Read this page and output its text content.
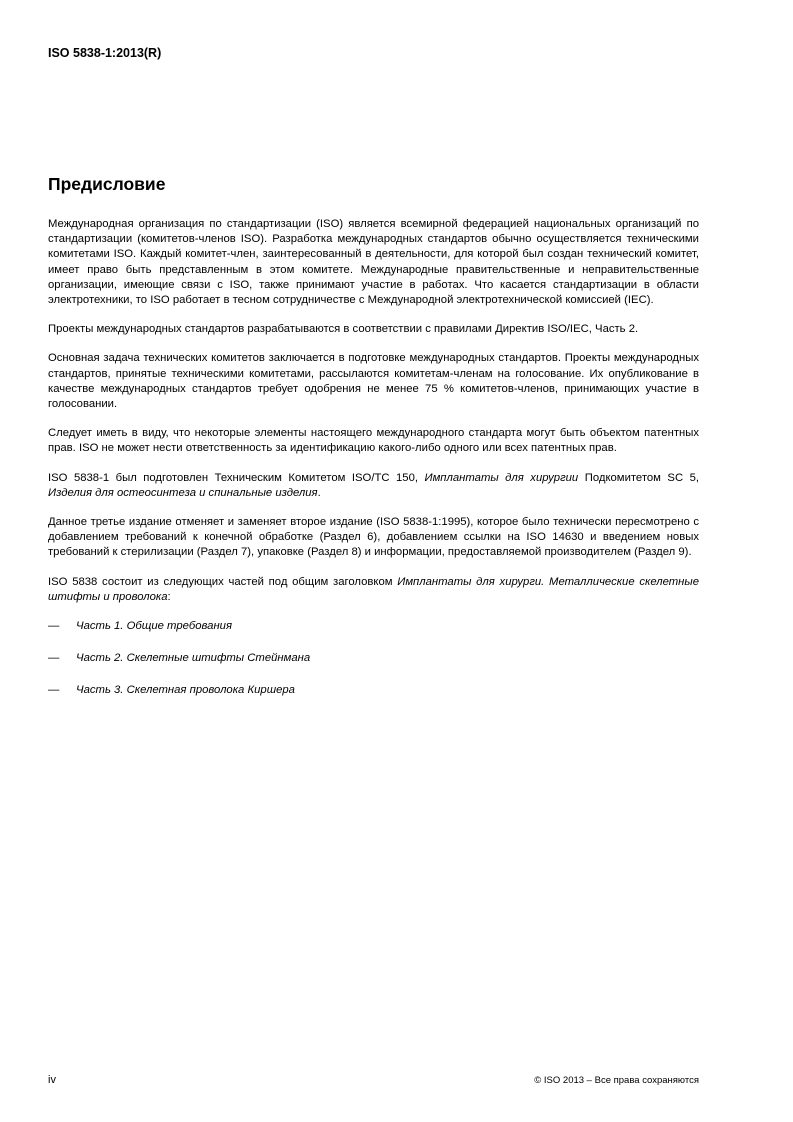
ISO 5838-1:2013(R)
Предисловие

Международная организация по стандартизации (ISO) является всемирной федерацией национальных организаций по стандартизации (комитетов-членов ISO). Разработка международных стандартов обычно осуществляется техническими комитетами ISO. Каждый комитет-член, заинтересованный в деятельности, для которой был создан технический комитет, имеет право быть представленным в этом комитете. Международные правительственные и неправительственные организации, имеющие связи с ISO, также принимают участие в работах. Что касается стандартизации в области электротехники, то ISO работает в тесном сотрудничестве с Международной электротехнической комиссией (IEC).

Проекты международных стандартов разрабатываются в соответствии с правилами Директив ISO/IEC, Часть 2.

Основная задача технических комитетов заключается в подготовке международных стандартов. Проекты международных стандартов, принятые техническими комитетами, рассылаются комитетам-членам на голосование. Их опубликование в качестве международных стандартов требует одобрения не менее 75 % комитетов-членов, принимающих участие в голосовании.

Следует иметь в виду, что некоторые элементы настоящего международного стандарта могут быть объектом патентных прав. ISO не может нести ответственность за идентификацию какого-либо одного или всех патентных прав.

ISO 5838-1 был подготовлен Техническим Комитетом ISO/TC 150, Имплантаты для хирургии Подкомитетом SC 5, Изделия для остеосинтеза и спинальные изделия.

Данное третье издание отменяет и заменяет второе издание (ISO 5838-1:1995), которое было технически пересмотрено с добавлением требований к конечной обработке (Раздел 6), добавлением ссылки на ISO 14630 и введением новых требований к стерилизации (Раздел 7), упаковке (Раздел 8) и информации, предоставляемой производителем (Раздел 9).

ISO 5838 состоит из следующих частей под общим заголовком Имплантаты для хирурги. Металлические скелетные штифты и проволока:

—	Часть 1. Общие требования
—	Часть 2. Скелетные штифты Стейнмана
—	Часть 3. Скелетная проволока Киршера
iv	© ISO 2013 – Все права сохраняются
